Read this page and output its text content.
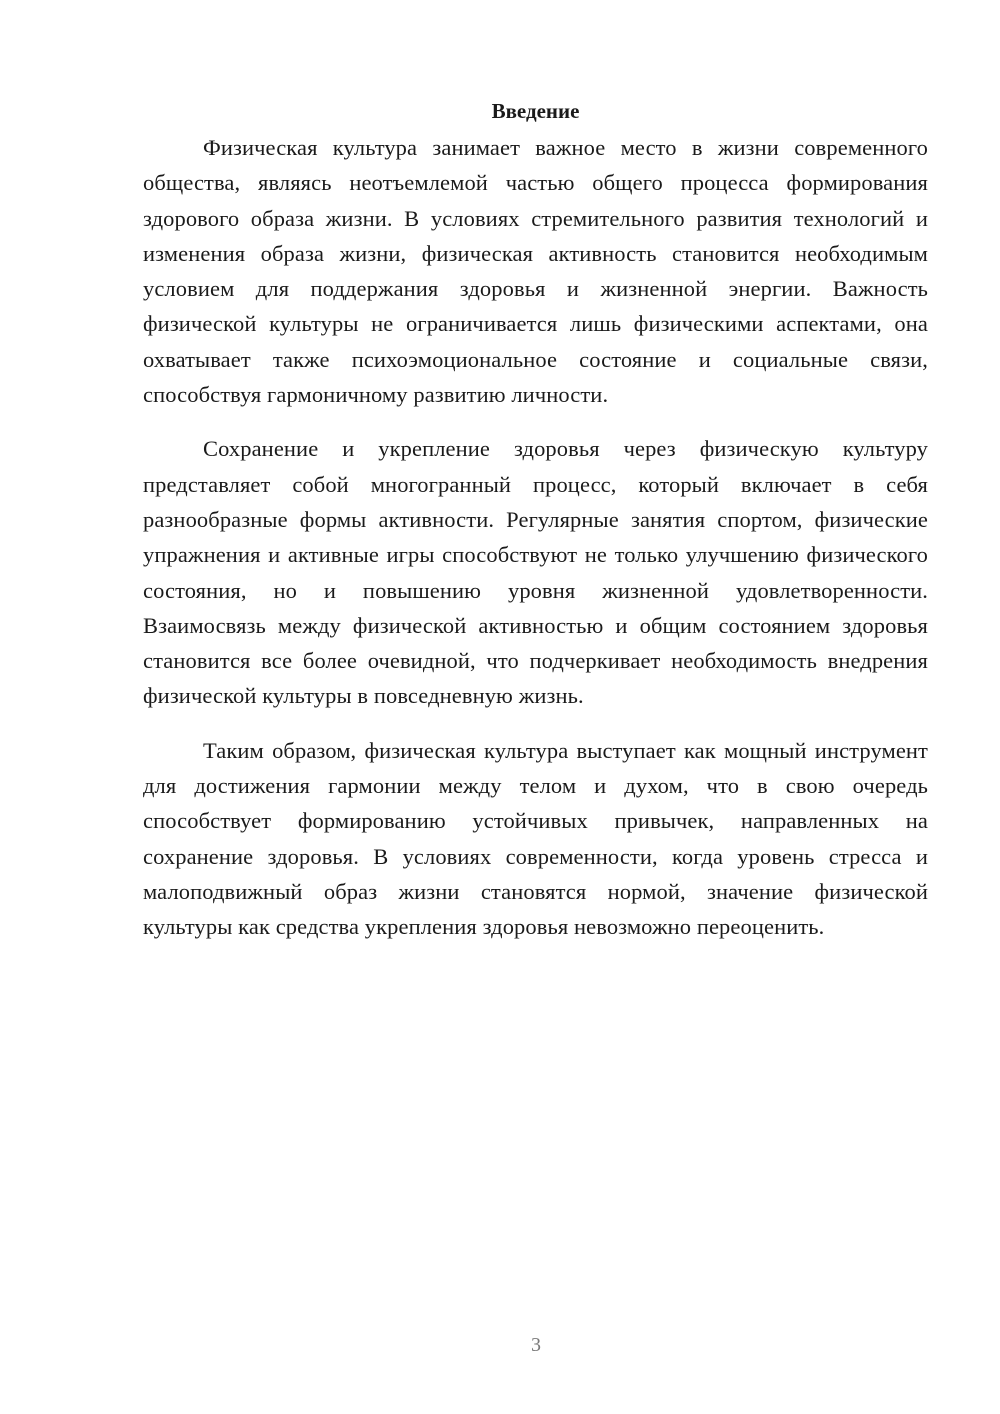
Введение

Физическая культура занимает важное место в жизни современного общества, являясь неотъемлемой частью общего процесса формирования здорового образа жизни. В условиях стремительного развития технологий и изменения образа жизни, физическая активность становится необходимым условием для поддержания здоровья и жизненной энергии. Важность физической культуры не ограничивается лишь физическими аспектами, она охватывает также психоэмоциональное состояние и социальные связи, способствуя гармоничному развитию личности.

Сохранение и укрепление здоровья через физическую культуру представляет собой многогранный процесс, который включает в себя разнообразные формы активности. Регулярные занятия спортом, физические упражнения и активные игры способствуют не только улучшению физического состояния, но и повышению уровня жизненной удовлетворенности. Взаимосвязь между физической активностью и общим состоянием здоровья становится все более очевидной, что подчеркивает необходимость внедрения физической культуры в повседневную жизнь.

Таким образом, физическая культура выступает как мощный инструмент для достижения гармонии между телом и духом, что в свою очередь способствует формированию устойчивых привычек, направленных на сохранение здоровья. В условиях современности, когда уровень стресса и малоподвижный образ жизни становятся нормой, значение физической культуры как средства укрепления здоровья невозможно переоценить.

3
